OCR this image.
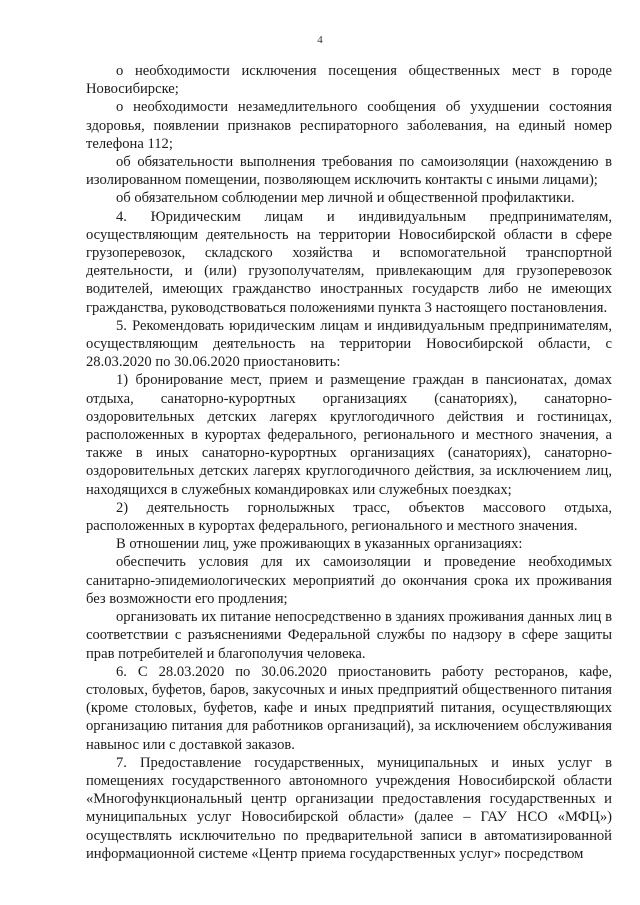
4

о необходимости исключения посещения общественных мест в городе Новосибирске;

о необходимости незамедлительного сообщения об ухудшении состояния здоровья, появлении признаков респираторного заболевания, на единый номер телефона 112;

об обязательности выполнения требования по самоизоляции (нахождению в изолированном помещении, позволяющем исключить контакты с иными лицами);

об обязательном соблюдении мер личной и общественной профилактики.

4. Юридическим лицам и индивидуальным предпринимателям, осуществляющим деятельность на территории Новосибирской области в сфере грузоперевозок, складского хозяйства и вспомогательной транспортной деятельности, и (или) грузополучателям, привлекающим для грузоперевозок водителей, имеющих гражданство иностранных государств либо не имеющих гражданства, руководствоваться положениями пункта 3 настоящего постановления.

5. Рекомендовать юридическим лицам и индивидуальным предпринимателям, осуществляющим деятельность на территории Новосибирской области, с 28.03.2020 по 30.06.2020 приостановить:

1) бронирование мест, прием и размещение граждан в пансионатах, домах отдыха, санаторно-курортных организациях (санаториях), санаторно-оздоровительных детских лагерях круглогодичного действия и гостиницах, расположенных в курортах федерального, регионального и местного значения, а также в иных санаторно-курортных организациях (санаториях), санаторно-оздоровительных детских лагерях круглогодичного действия, за исключением лиц, находящихся в служебных командировках или служебных поездках;

2) деятельность горнолыжных трасс, объектов массового отдыха, расположенных в курортах федерального, регионального и местного значения.

В отношении лиц, уже проживающих в указанных организациях:

обеспечить условия для их самоизоляции и проведение необходимых санитарно-эпидемиологических мероприятий до окончания срока их проживания без возможности его продления;

организовать их питание непосредственно в зданиях проживания данных лиц в соответствии с разъяснениями Федеральной службы по надзору в сфере защиты прав потребителей и благополучия человека.

6. С 28.03.2020 по 30.06.2020 приостановить работу ресторанов, кафе, столовых, буфетов, баров, закусочных и иных предприятий общественного питания (кроме столовых, буфетов, кафе и иных предприятий питания, осуществляющих организацию питания для работников организаций), за исключением обслуживания навынос или с доставкой заказов.

7. Предоставление государственных, муниципальных и иных услуг в помещениях государственного автономного учреждения Новосибирской области «Многофункциональный центр организации предоставления государственных и муниципальных услуг Новосибирской области» (далее – ГАУ НСО «МФЦ») осуществлять исключительно по предварительной записи в автоматизированной информационной системе «Центр приема государственных услуг» посредством
